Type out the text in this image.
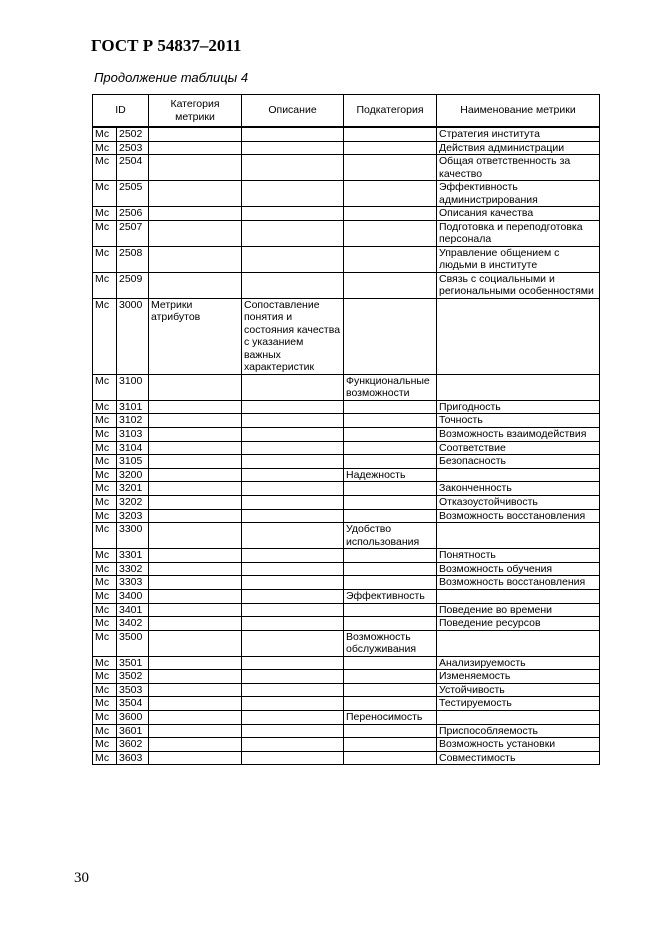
ГОСТ Р 54837–2011
Продолжение таблицы 4
ID		Категория метрики	Описание	Подкатегория	Наименование метрики
Мс	2502				Стратегия института
Мс	2503				Действия администрации
Мс	2504				Общая ответственность за качество
Мс	2505				Эффективность администрирования
Мс	2506				Описания качества
Мс	2507				Подготовка и переподготовка персонала
Мс	2508				Управление общением с людьми в институте
Мс	2509				Связь с социальными и региональными особенностями
Мс	3000	Метрики атрибутов	Сопоставление понятия и состояния качества с указанием важных характеристик		
Мс	3100			Функциональные возможности	
Мс	3101				Пригодность
Мс	3102				Точность
Мс	3103				Возможность взаимодействия
Мс	3104				Соответствие
Мс	3105				Безопасность
Мс	3200			Надежность	
Мс	3201				Законченность
Мс	3202				Отказоустойчивость
Мс	3203				Возможность восстановления
Мс	3300			Удобство использования	
Мс	3301				Понятность
Мс	3302				Возможность обучения
Мс	3303				Возможность восстановления
Мс	3400			Эффективность	
Мс	3401				Поведение во времени
Мс	3402				Поведение ресурсов
Мс	3500			Возможность обслуживания	
Мс	3501				Анализируемость
Мс	3502				Изменяемость
Мс	3503				Устойчивость
Мс	3504				Тестируемость
Мс	3600			Переносимость	
Мс	3601				Приспособляемость
Мс	3602				Возможность установки
Мс	3603				Совместимость
30
